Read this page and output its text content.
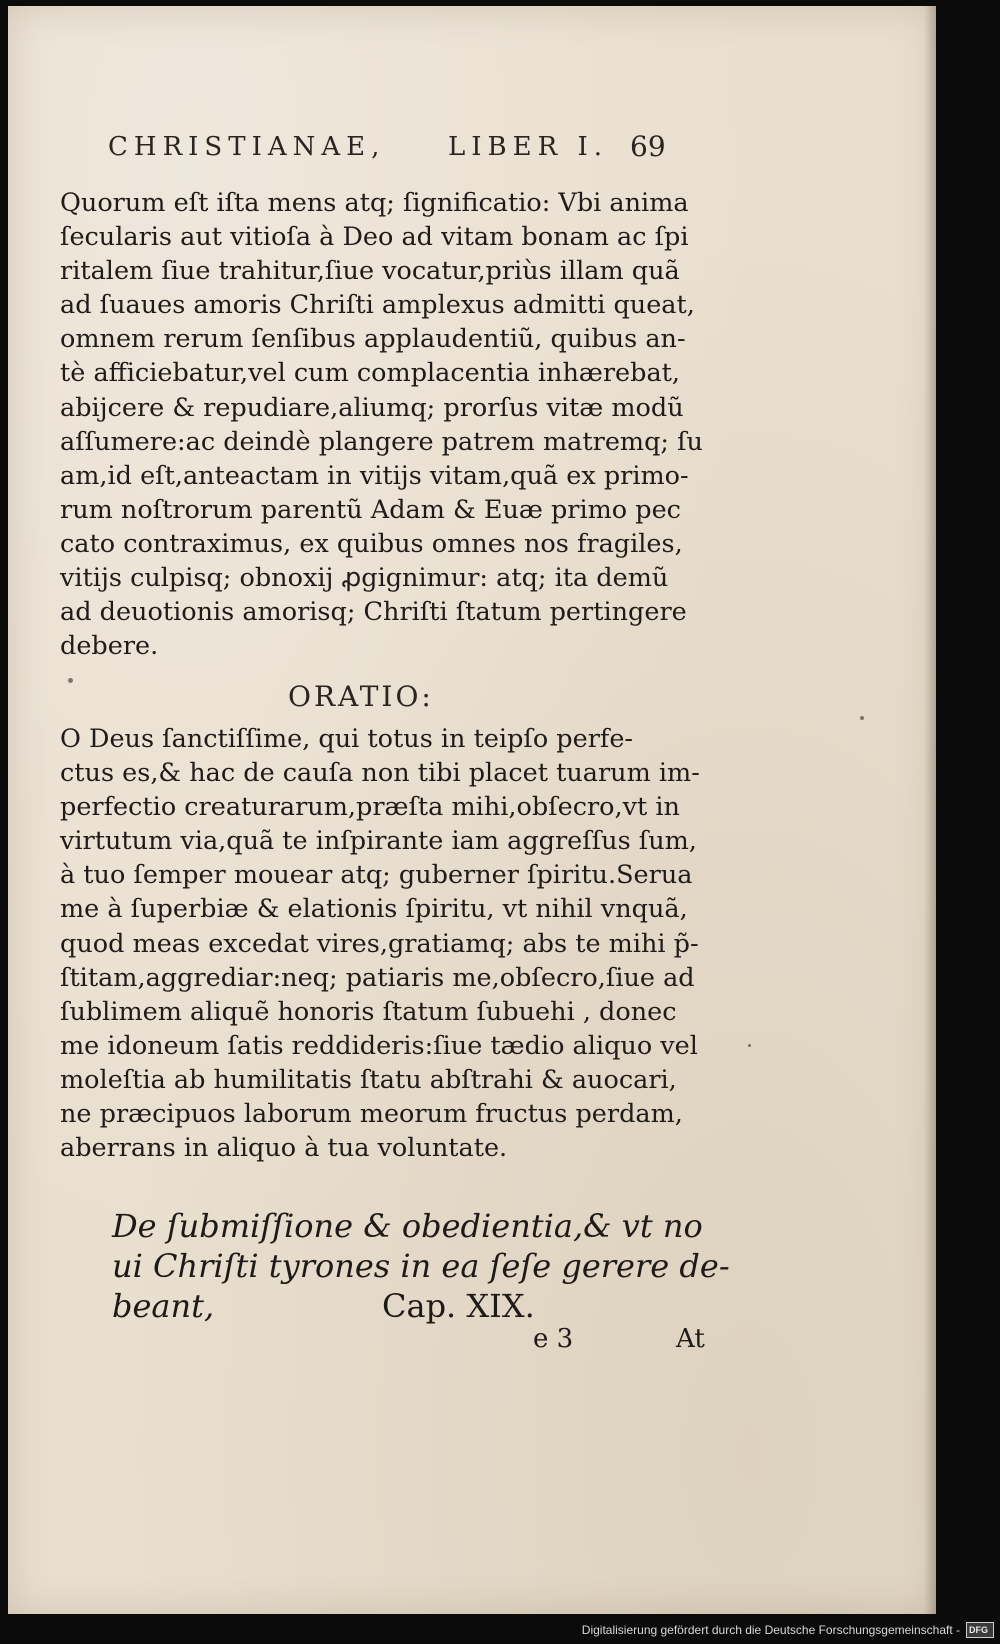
CHRISTIANAE, LIBER I. 69
Quorum eſt iſta mens atq; ſignificatio: Vbi anima
ſecularis aut vitioſa à Deo ad vitam bonam ac ſpi
ritalem ſiue trahitur,ſiue vocatur,priùs illam quã
ad ſuaues amoris Chriſti amplexus admitti queat,
omnem rerum ſenſibus applaudentiũ, quibus an-
tè afficiebatur,vel cum complacentia inhærebat,
abijcere & repudiare,aliumq; prorſus vitæ modũ
aſſumere:ac deindè plangere patrem matremq; ſu
am,id eſt,anteactam in vitijs vitam,quã ex primo-
rum noſtrorum parentũ Adam & Euæ primo pec
cato contraximus, ex quibus omnes nos fragiles,
vitijs culpisq; obnoxij ꝓgignimur: atq; ita demũ
ad deuotionis amorisq; Chriſti ſtatum pertingere
debere.
ORATIO:
O Deus ſanctiſſime, qui totus in teipſo perfe-
ctus es,& hac de cauſa non tibi placet tuarum im-
perfectio creaturarum,præſta mihi,obſecro,vt in
virtutum via,quã te inſpirante iam aggreſſus ſum,
à tuo ſemper mouear atq; guberner ſpiritu.Serua
me à ſuperbiæ & elationis ſpiritu, vt nihil vnquã,
quod meas excedat vires,gratiamq; abs te mihi p̃-
ſtitam,aggrediar:neq; patiaris me,obſecro,ſiue ad
ſublimem aliquẽ honoris ſtatum ſubuehi , donec
me idoneum ſatis reddideris:ſiue tædio aliquo vel
moleſtia ab humilitatis ſtatu abſtrahi & auocari,
ne præcipuos laborum meorum fructus perdam,
aberrans in aliquo à tua voluntate.
De ſubmiſſione & obedientia,& vt no
ui Chriſti tyrones in ea ſeſe gerere de-
beant,	Cap. XIX.
e 3	At
Digitalisierung gefördert durch die Deutsche Forschungsgemeinschaft - DFG
